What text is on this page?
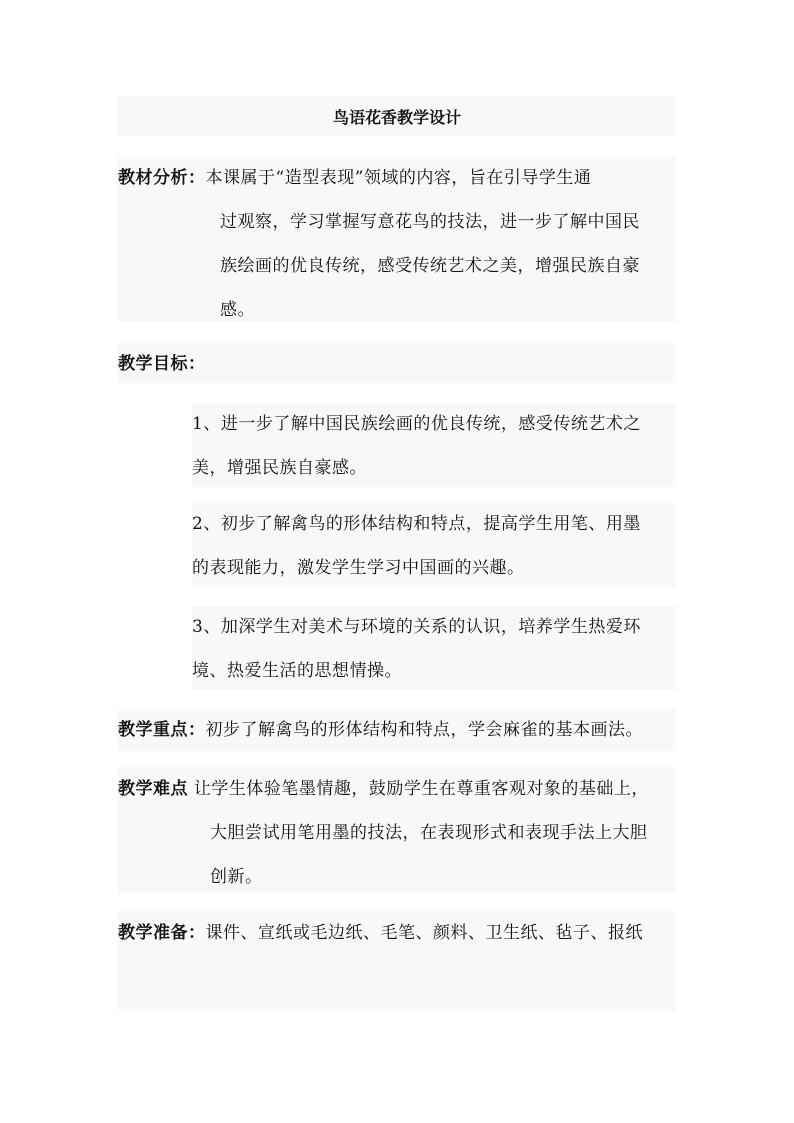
鸟语花香教学设计
教材分析：本课属于“造型表现”领域的内容，旨在引导学生通
过观察，学习掌握写意花鸟的技法，进一步了解中国民
族绘画的优良传统，感受传统艺术之美，增强民族自豪
感。
教学目标：
1、进一步了解中国民族绘画的优良传统，感受传统艺术之
美，增强民族自豪感。
2、初步了解禽鸟的形体结构和特点，提高学生用笔、用墨
的表现能力，激发学生学习中国画的兴趣。
3、加深学生对美术与环境的关系的认识，培养学生热爱环
境、热爱生活的思想情操。
教学重点：初步了解禽鸟的形体结构和特点，学会麻雀的基本画法。
教学难点 让学生体验笔墨情趣，鼓励学生在尊重客观对象的基础上，
大胆尝试用笔用墨的技法，在表现形式和表现手法上大胆
创新。
教学准备：课件、宣纸或毛边纸、毛笔、颜料、卫生纸、毡子、报纸
